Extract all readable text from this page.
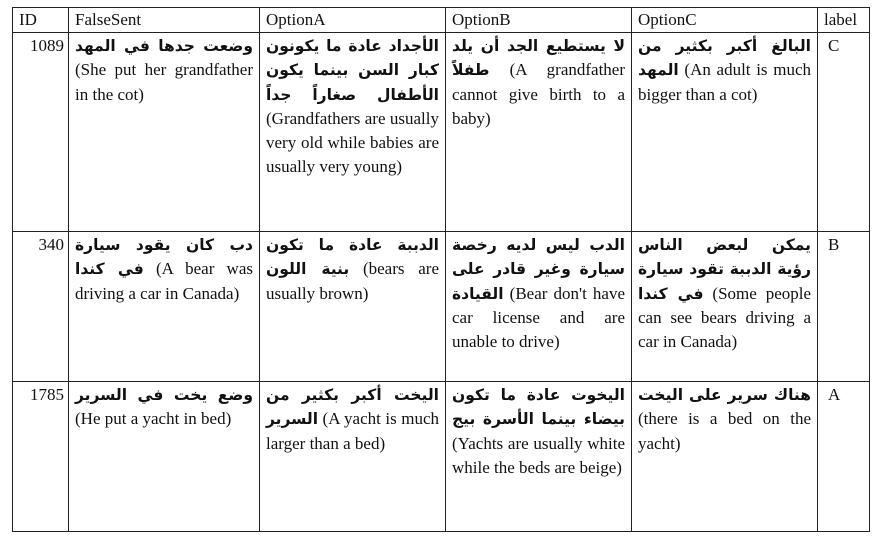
ID	FalseSent	OptionA	OptionB	OptionC	label
1089	وضعت جدها في المهد (She put her grandfather in the cot)	الأجداد عادة ما يكونون كبار السن بينما يكون الأطفال صغاراً جداً (Grandfathers are usually very old while babies are usually very young)	لا يستطيع الجد أن يلد طفلاً (A grandfather cannot give birth to a baby)	البالغ أكبر بكثير من المهد (An adult is much bigger than a cot)	C
340	دب كان يقود سيارة في كندا (A bear was driving a car in Canada)	الدببة عادة ما تكون بنية اللون (bears are usually brown)	الدب ليس لديه رخصة سيارة وغير قادر على القيادة (Bear don't have car license and are unable to drive)	يمكن لبعض الناس رؤية الدببة تقود سيارة في كندا (Some people can see bears driving a car in Canada)	B
1785	وضع يخت في السرير (He put a yacht in bed)	اليخت أكبر بكثير من السرير (A yacht is much larger than a bed)	اليخوت عادة ما تكون بيضاء بينما الأسرة بيج (Yachts are usually white while the beds are beige)	هناك سرير على اليخت (there is a bed on the yacht)	A
